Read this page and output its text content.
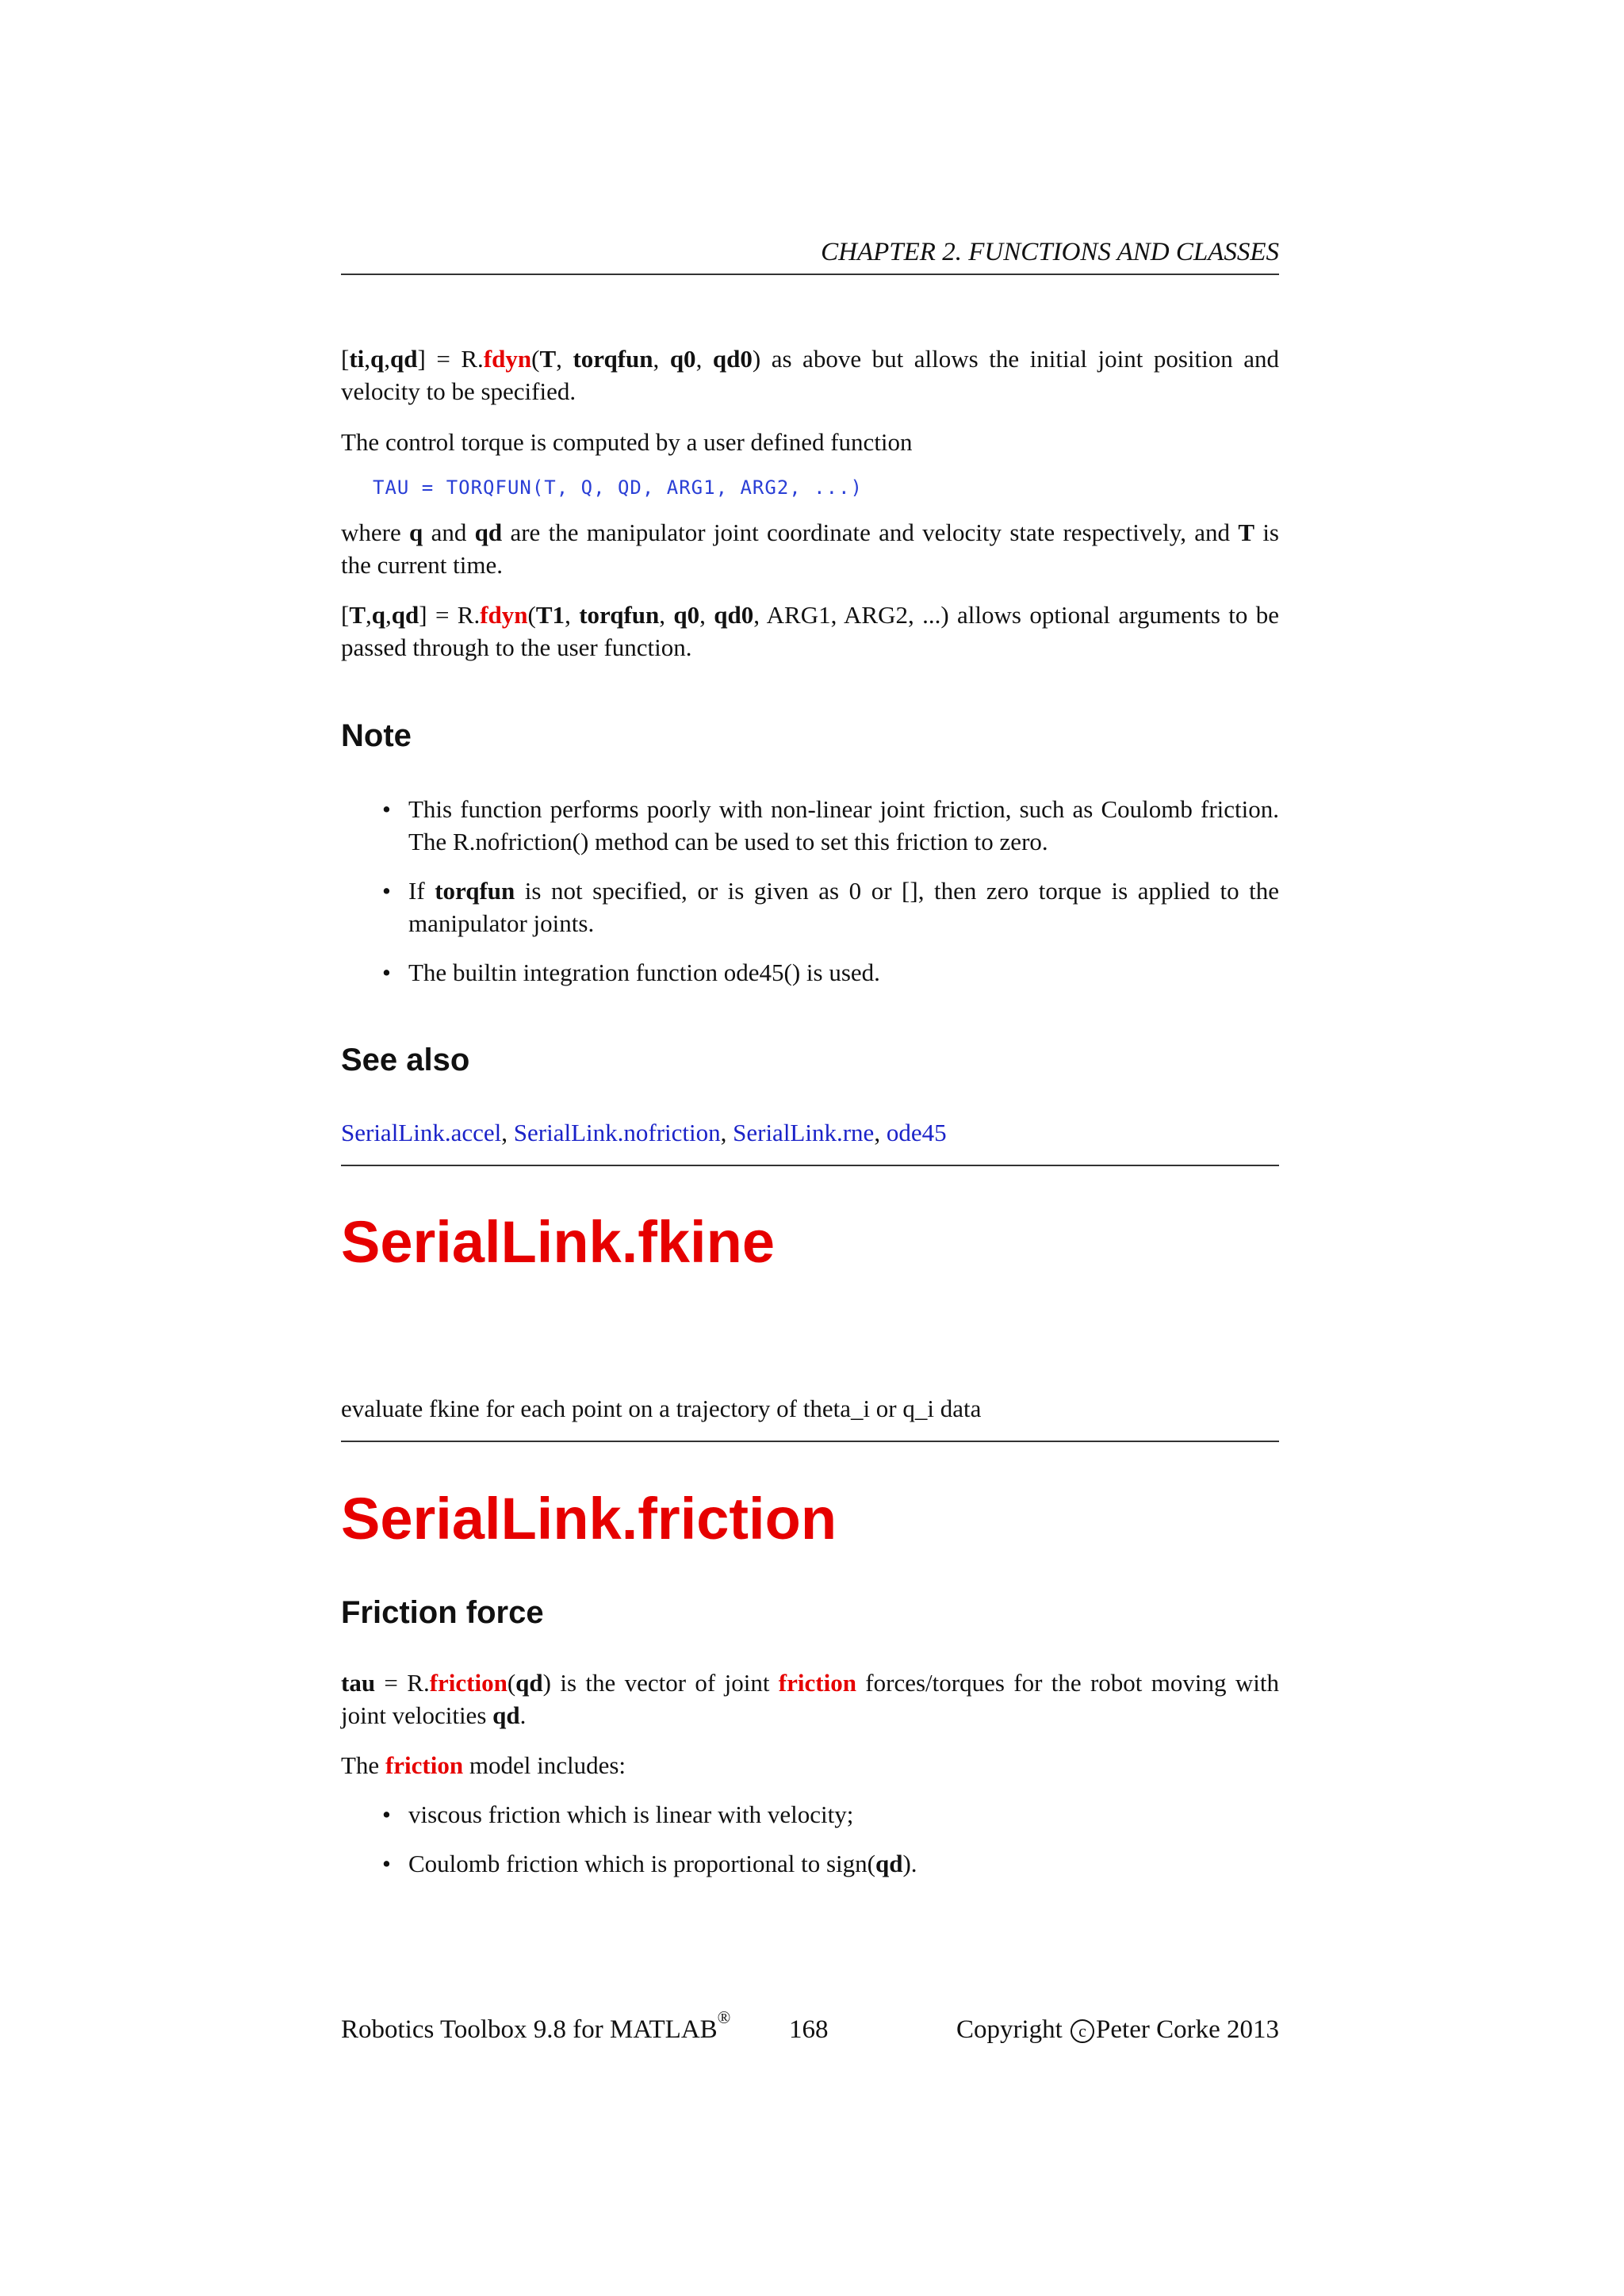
CHAPTER 2. FUNCTIONS AND CLASSES

[ti,q,qd] = R.fdyn(T, torqfun, q0, qd0) as above but allows the initial joint position and velocity to be specified.

The control torque is computed by a user defined function

TAU = TORQFUN(T, Q, QD, ARG1, ARG2, ...)

where q and qd are the manipulator joint coordinate and velocity state respectively, and T is the current time.

[T,q,qd] = R.fdyn(T1, torqfun, q0, qd0, ARG1, ARG2, ...) allows optional arguments to be passed through to the user function.

Note
• This function performs poorly with non-linear joint friction, such as Coulomb friction. The R.nofriction() method can be used to set this friction to zero.
• If torqfun is not specified, or is given as 0 or [], then zero torque is applied to the manipulator joints.
• The builtin integration function ode45() is used.
See also

SerialLink.accel, SerialLink.nofriction, SerialLink.rne, ode45

SerialLink.fkine

evaluate fkine for each point on a trajectory of theta_i or q_i data

SerialLink.friction
Friction force

tau = R.friction(qd) is the vector of joint friction forces/torques for the robot moving with joint velocities qd.

The friction model includes:

• viscous friction which is linear with velocity;
• Coulomb friction which is proportional to sign(qd).
Robotics Toolbox 9.8 for MATLAB® 168	Copyright c Peter Corke 2013
